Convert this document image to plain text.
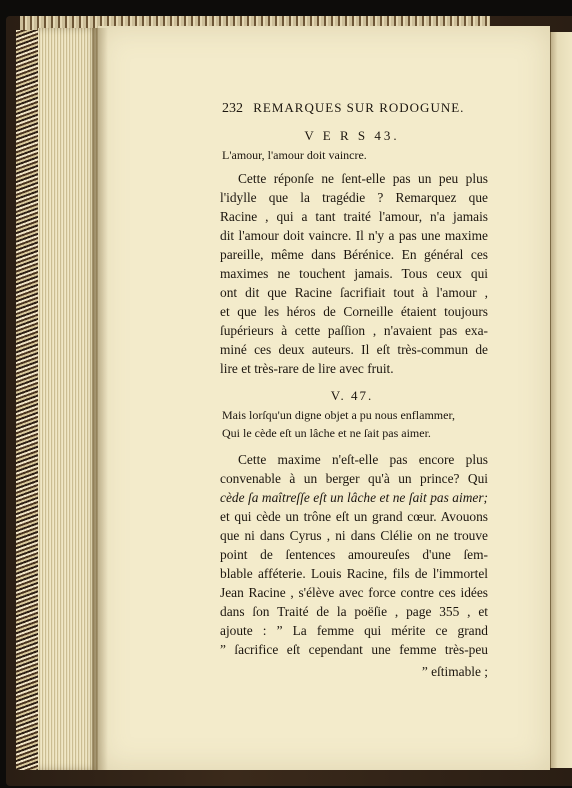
232 REMARQUES SUR RODOGUNE.
V E R S 43.
L'amour, l'amour doit vaincre.
Cette réponſe ne ſent-elle pas un peu plus
l'idylle que la tragédie ? Remarquez que
Racine , qui a tant traité l'amour, n'a jamais
dit l'amour doit vaincre. Il n'y a pas une maxime
pareille, même dans Bérénice. En général ces
maximes ne touchent jamais. Tous ceux qui
ont dit que Racine ſacrifiait tout à l'amour ,
et que les héros de Corneille étaient toujours
ſupérieurs à cette paſſion , n'avaient pas exa-
miné ces deux auteurs. Il eſt très-commun de
lire et très-rare de lire avec fruit.
V. 47.
Mais lorſqu'un digne objet a pu nous enflammer,
Qui le cède eſt un lâche et ne ſait pas aimer.
Cette maxime n'eſt-elle pas encore plus
convenable à un berger qu'à un prince? Qui
cède ſa maîtreſſe eſt un lâche et ne ſait pas aimer;
et qui cède un trône eſt un grand cœur. Avouons
que ni dans Cyrus , ni dans Clélie on ne trouve
point de ſentences amoureuſes d'une ſem-
blable afféterie. Louis Racine, fils de l'immortel
Jean Racine , s'élève avec force contre ces idées
dans ſon Traité de la poëſie , page 355 , et
ajoute : ” La femme qui mérite ce grand
” ſacrifice eſt cependant une femme très-peu
” eſtimable ;
